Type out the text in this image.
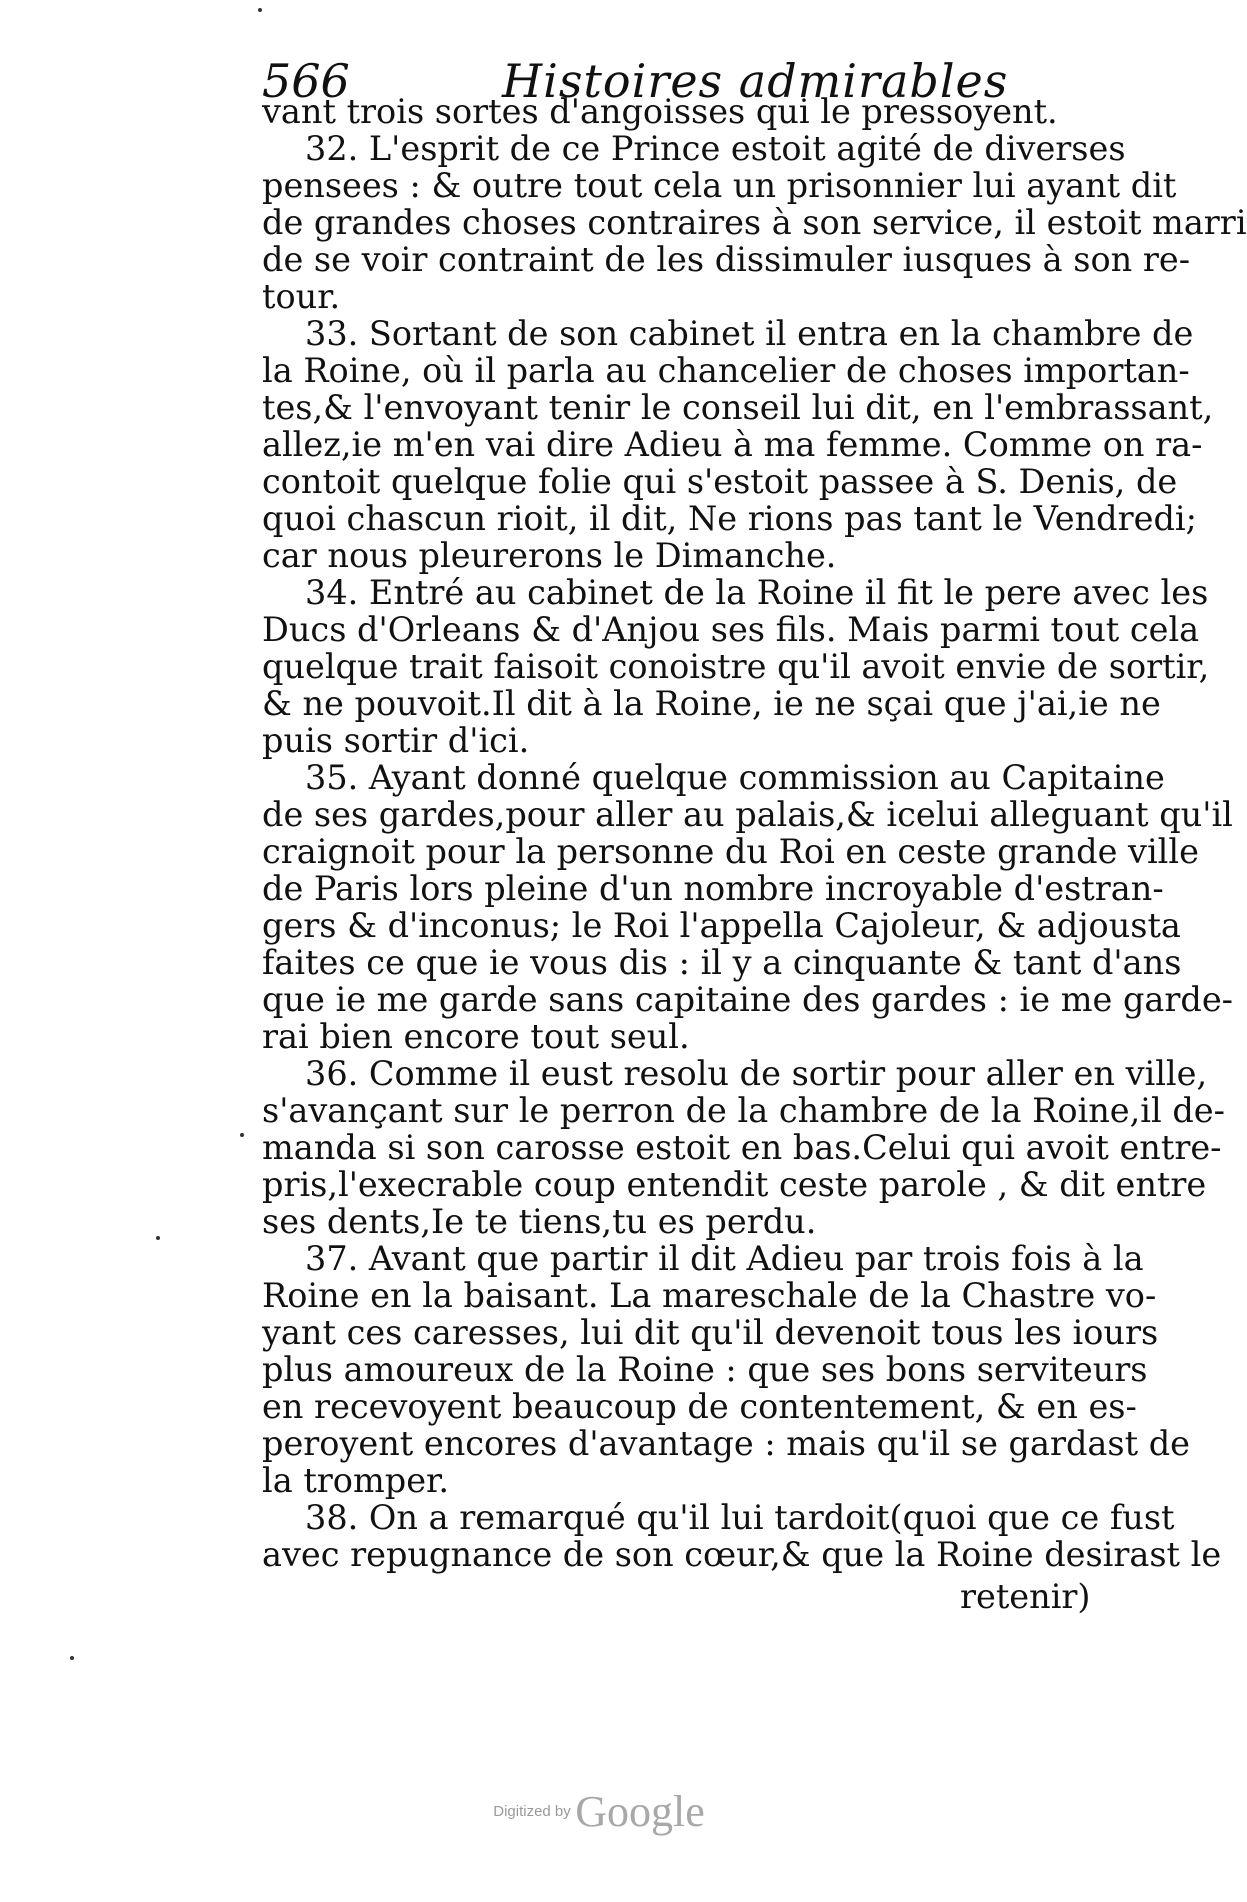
566	Histoires admirables
vant trois sortes d'angoisses qui le pressoyent.
32. L'esprit de ce Prince estoit agité de diverses
pensees : & outre tout cela un prisonnier lui ayant dit
de grandes choses contraires à son service, il estoit marri
de se voir contraint de les dissimuler iusques à son re-
tour.
33. Sortant de son cabinet il entra en la chambre de
la Roine, où il parla au chancelier de choses importan-
tes,& l'envoyant tenir le conseil lui dit, en l'embrassant,
allez,ie m'en vai dire Adieu à ma femme. Comme on ra-
contoit quelque folie qui s'estoit passee à S. Denis, de
quoi chascun rioit, il dit, Ne rions pas tant le Vendredi;
car nous pleurerons le Dimanche.
34. Entré au cabinet de la Roine il fit le pere avec les
Ducs d'Orleans & d'Anjou ses fils. Mais parmi tout cela
quelque trait faisoit conoistre qu'il avoit envie de sortir,
& ne pouvoit.Il dit à la Roine, ie ne sçai que j'ai,ie ne
puis sortir d'ici.
35. Ayant donné quelque commission au Capitaine
de ses gardes,pour aller au palais,& icelui alleguant qu'il
craignoit pour la personne du Roi en ceste grande ville
de Paris lors pleine d'un nombre incroyable d'estran-
gers & d'inconus; le Roi l'appella Cajoleur, & adjousta
faites ce que ie vous dis : il y a cinquante & tant d'ans
que ie me garde sans capitaine des gardes : ie me garde-
rai bien encore tout seul.
36. Comme il eust resolu de sortir pour aller en ville,
s'avançant sur le perron de la chambre de la Roine,il de-
manda si son carosse estoit en bas.Celui qui avoit entre-
pris,l'execrable coup entendit ceste parole , & dit entre
ses dents,Ie te tiens,tu es perdu.
37. Avant que partir il dit Adieu par trois fois à la
Roine en la baisant. La mareschale de la Chastre vo-
yant ces caresses, lui dit qu'il devenoit tous les iours
plus amoureux de la Roine : que ses bons serviteurs
en recevoyent beaucoup de contentement, & en es-
peroyent encores d'avantage : mais qu'il se gardast de
la tromper.
38. On a remarqué qu'il lui tardoit(quoi que ce fust
avec repugnance de son cœur,& que la Roine desirast le
retenir)
Digitized by Google
